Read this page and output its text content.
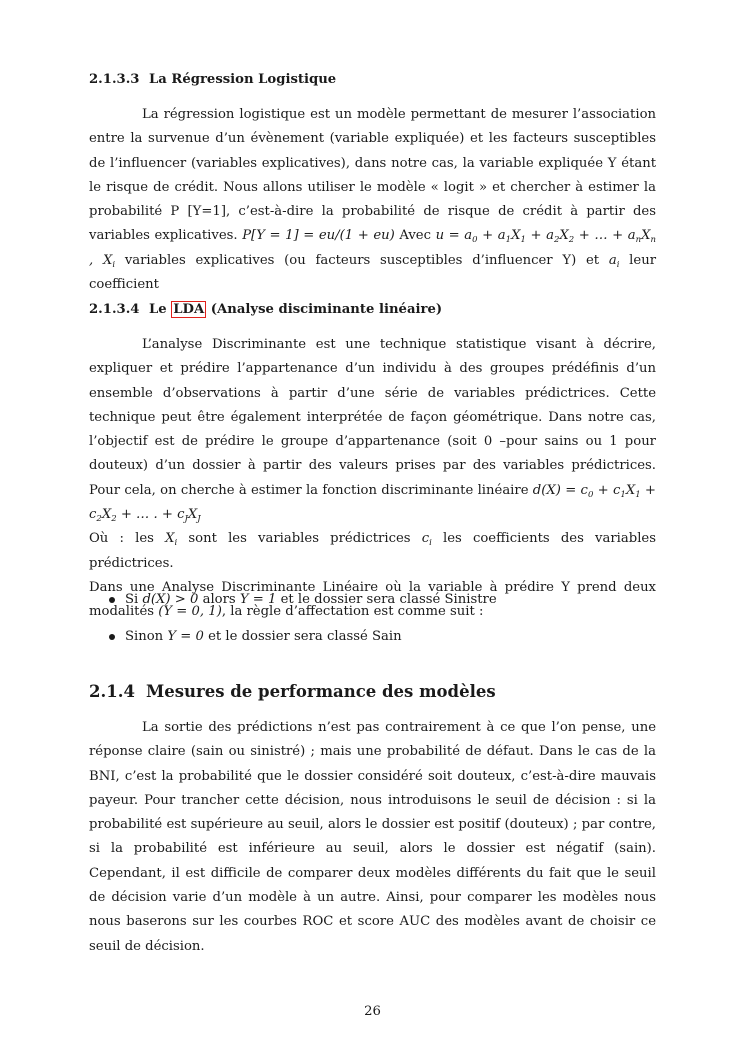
2.1.3.3 La Régression Logistique

La régression logistique est un modèle permettant de mesurer l’association entre la survenue d’un évènement (variable expliquée) et les facteurs susceptibles de l’influencer (variables explicatives), dans notre cas, la variable expliquée Y étant le risque de crédit. Nous allons utiliser le modèle « logit » et chercher à estimer la probabilité P [Y=1], c’est-à-dire la probabilité de risque de crédit à partir des variables explicatives. P[Y = 1] = eu/(1 + eu) Avec $u = a_0 + a_1X_1 + a_2X_2$ + … + $a_nX_n$ , $X_i$ variables explicatives (ou facteurs susceptibles d’influencer Y) et $a_i$ leur coefficient

2.1.3.4 Le LDA (Analyse disciminante linéaire)

L’analyse Discriminante est une technique statistique visant à décrire, expliquer et prédire l’appartenance d’un individu à des groupes prédéfinis d’un ensemble d’observations à partir d’une série de variables prédictrices. Cette technique peut être également interprétée de façon géométrique. Dans notre cas, l’objectif est de prédire le groupe d’appartenance (soit 0 –pour sains ou 1 pour douteux) d’un dossier à partir des valeurs prises par des variables prédictrices. Pour cela, on cherche à estimer la fonction discriminante linéaire $d(X) = c_0 + c_1X_1 + c_2X_2$ + … . + $c_JX_J$
Où : les $X_i$ sont les variables prédictrices $c_i$ les coefficients des variables prédictrices.
Dans une Analyse Discriminante Linéaire où la variable à prédire Y prend deux modalités (Y = 0, 1), la règle d’affectation est comme suit :

Si d(X) > 0 alors Y = 1 et le dossier sera classé Sinistre
Sinon Y = 0 et le dossier sera classé Sain
2.1.4 Mesures de performance des modèles

La sortie des prédictions n’est pas contrairement à ce que l’on pense, une réponse claire (sain ou sinistré) ; mais une probabilité de défaut. Dans le cas de la BNI, c’est la probabilité que le dossier considéré soit douteux, c’est-à-dire mauvais payeur. Pour trancher cette décision, nous introduisons le seuil de décision : si la probabilité est supérieure au seuil, alors le dossier est positif (douteux) ; par contre, si la probabilité est inférieure au seuil, alors le dossier est négatif (sain). Cependant, il est difficile de comparer deux modèles différents du fait que le seuil de décision varie d’un modèle à un autre. Ainsi, pour comparer les modèles nous nous baserons sur les courbes ROC et score AUC des modèles avant de choisir ce seuil de décision.

26
